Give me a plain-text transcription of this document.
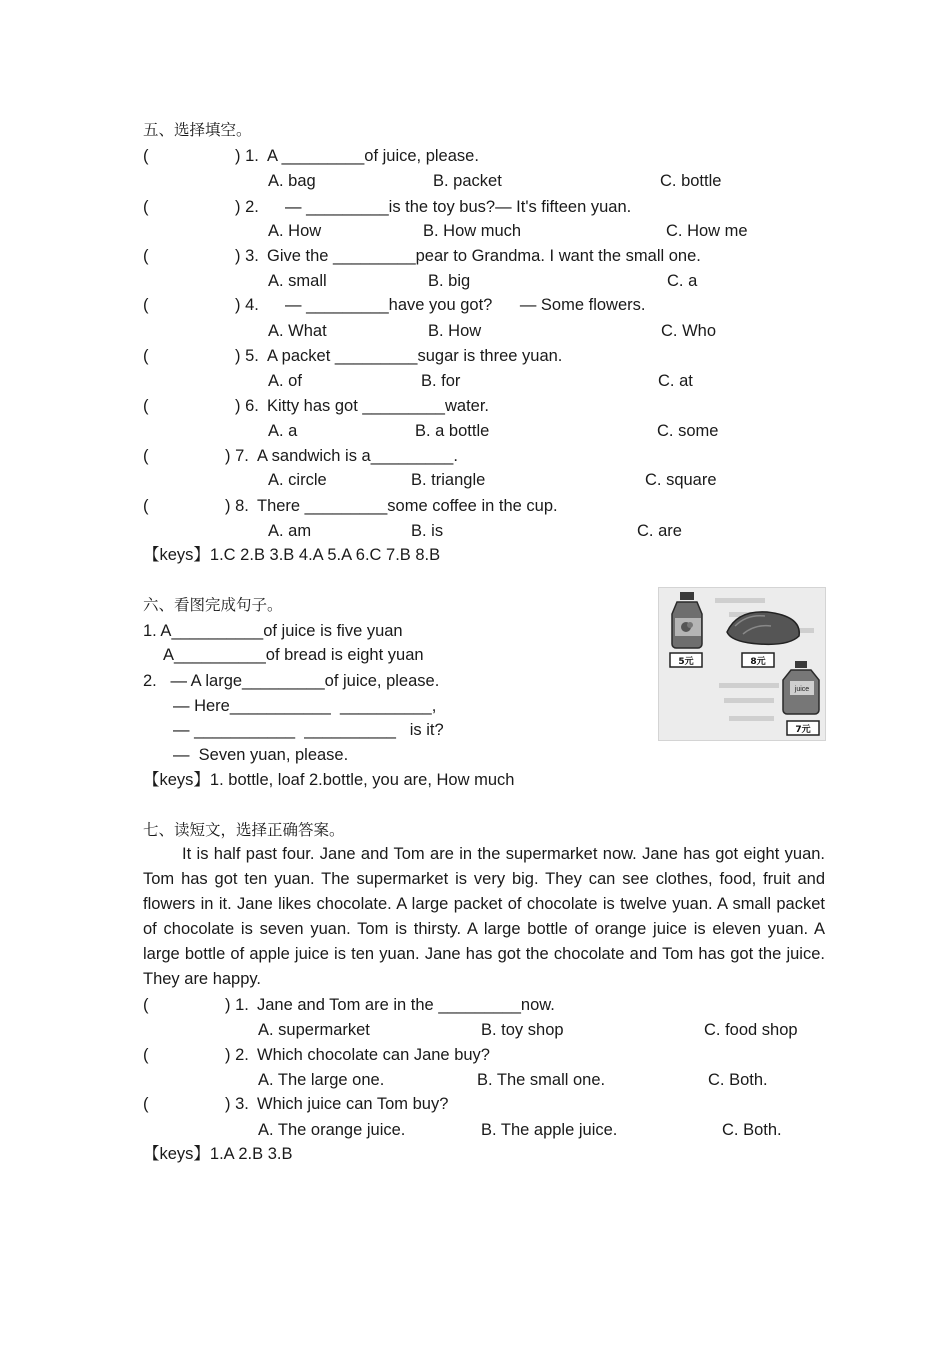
五、选择填空。
(	) 1. A _________of juice, please.
A. bag	B. packet	C. bottle
(	) 2. — _________is the toy bus?— It's fifteen yuan.
A. How	B. How much	C. How me
(	) 3. Give the _________pear to Grandma. I want the small one.
A. small	B. big	C. a
(	) 4. — _________have you got?      — Some flowers.
A. What	B. How	C. Who
(	) 5. A packet _________sugar is three yuan.
A. of	B. for	C. at
(	) 6. Kitty has got _________water.
A. a	B. a bottle	C. some
(	) 7. A sandwich is a_________.
A. circle	B. triangle	C. square
(	) 8. There _________some coffee in the cup.
A. am	B. is	C. are
【keys】1.C 2.B 3.B 4.A 5.A 6.C 7.B 8.B
六、看图完成句子。
1. A__________of juice is five yuan
A__________of bread is eight yuan
2.   — A large_________of juice, please.
— Here___________  __________,
— ___________  __________   is it?
—  Seven yuan, please.
【keys】1. bottle, loaf 2.bottle, you are, How much
5元	8元
7元
juice
七、读短文，选择正确答案。
It is half past four. Jane and Tom are in the supermarket now. Jane has got eight yuan. Tom has got ten yuan. The supermarket is very big. They can see clothes, food, fruit and flowers in it. Jane likes chocolate. A large packet of chocolate is twelve yuan. A small packet of chocolate is seven yuan. Tom is thirsty. A large bottle of orange juice is eleven yuan. A large bottle of apple juice is ten yuan. Jane has got the chocolate and Tom has got the juice. They are happy.
(	) 1. Jane and Tom are in the _________now.
A. supermarket	B. toy shop	C. food shop
(	) 2. Which chocolate can Jane buy?
A. The large one.	B. The small one.	C. Both.
(	) 3. Which juice can Tom buy?
A. The orange juice.	B. The apple juice.	C. Both.
【keys】1.A 2.B 3.B
